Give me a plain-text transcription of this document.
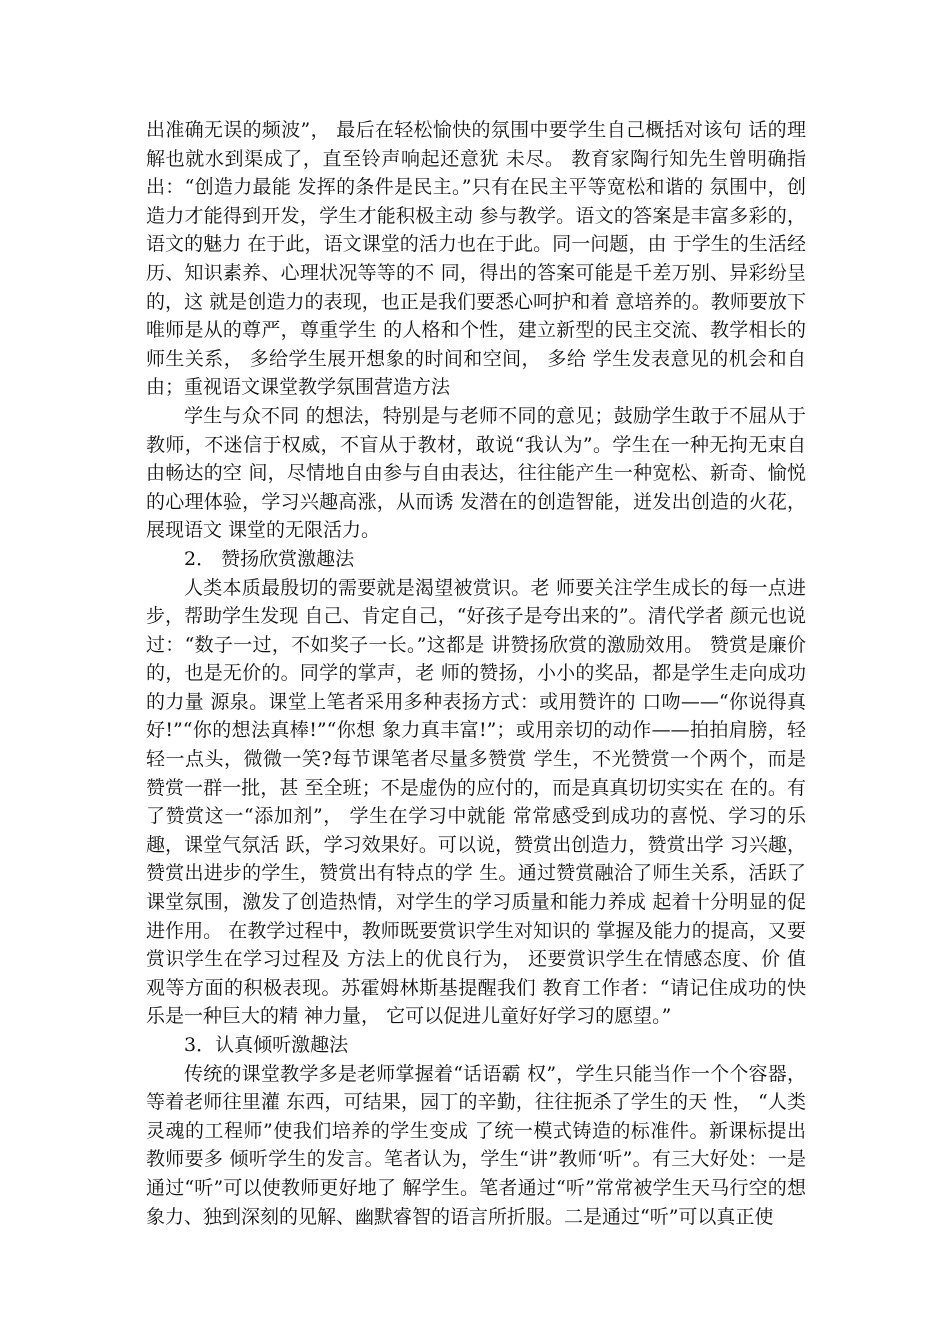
出准确无误的频波”， 最后在轻松愉快的氛围中要学生自己概括对该句 话的理解也就水到渠成了，直至铃声响起还意犹 未尽。 教育家陶行知先生曾明确指出：“创造力最能 发挥的条件是民主。”只有在民主平等宽松和谐的 氛围中，创造力才能得到开发，学生才能积极主动 参与教学。语文的答案是丰富多彩的，语文的魅力 在于此，语文课堂的活力也在于此。同一问题，由 于学生的生活经历、知识素养、心理状况等等的不 同，得出的答案可能是千差万别、异彩纷呈的，这 就是创造力的表现，也正是我们要悉心呵护和着 意培养的。教师要放下唯师是从的尊严，尊重学生 的人格和个性，建立新型的民主交流、教学相长的 师生关系， 多给学生展开想象的时间和空间， 多给 学生发表意见的机会和自由；重视语文课堂教学氛围营造方法

学生与众不同 的想法，特别是与老师不同的意见；鼓励学生敢于不屈从于教师，不迷信于权威，不盲从于教材，敢说“我认为”。学生在一种无拘无束自由畅达的空 间，尽情地自由参与自由表达，往往能产生一种宽松、新奇、愉悦的心理体验，学习兴趣高涨，从而诱 发潜在的创造智能，迸发出创造的火花，展现语文 课堂的无限活力。

2． 赞扬欣赏激趣法

人类本质最殷切的需要就是渴望被赏识。老 师要关注学生成长的每一点进步，帮助学生发现 自己、肯定自己，“好孩子是夸出来的”。清代学者 颜元也说过：“数子一过，不如奖子一长。”这都是 讲赞扬欣赏的激励效用。 赞赏是廉价的，也是无价的。同学的掌声，老 师的赞扬，小小的奖品，都是学生走向成功的力量 源泉。课堂上笔者采用多种表扬方式：或用赞许的 口吻——“你说得真好!”“你的想法真棒!”“你想 象力真丰富!”；或用亲切的动作——拍拍肩膀，轻 轻一点头，微微一笑?每节课笔者尽量多赞赏 学生，不光赞赏一个两个，而是赞赏一群一批，甚 至全班；不是虚伪的应付的，而是真真切切实实在 在的。有了赞赏这一“添加剂”， 学生在学习中就能 常常感受到成功的喜悦、学习的乐趣，课堂气氛活 跃，学习效果好。可以说，赞赏出创造力，赞赏出学 习兴趣，赞赏出进步的学生，赞赏出有特点的学 生。通过赞赏融洽了师生关系，活跃了课堂氛围，激发了创造热情，对学生的学习质量和能力养成 起着十分明显的促进作用。 在教学过程中，教师既要赏识学生对知识的 掌握及能力的提高，又要赏识学生在学习过程及 方法上的优良行为， 还要赏识学生在情感态度、价 值观等方面的积极表现。苏霍姆林斯基提醒我们 教育工作者：“请记住成功的快乐是一种巨大的精 神力量， 它可以促进儿童好好学习的愿望。”

3．认真倾听激趣法

传统的课堂教学多是老师掌握着“话语霸 权”，学生只能当作一个个容器，等着老师往里灌 东西，可结果，园丁的辛勤，往往扼杀了学生的天 性， “人类灵魂的工程师”使我们培养的学生变成 了统一模式铸造的标准件。新课标提出教师要多 倾听学生的发言。笔者认为，学生“讲”教师‘听”。有三大好处：一是通过“听”可以使教师更好地了 解学生。笔者通过“听”常常被学生天马行空的想 象力、独到深刻的见解、幽默睿智的语言所折服。二是通过“听”可以真正使
